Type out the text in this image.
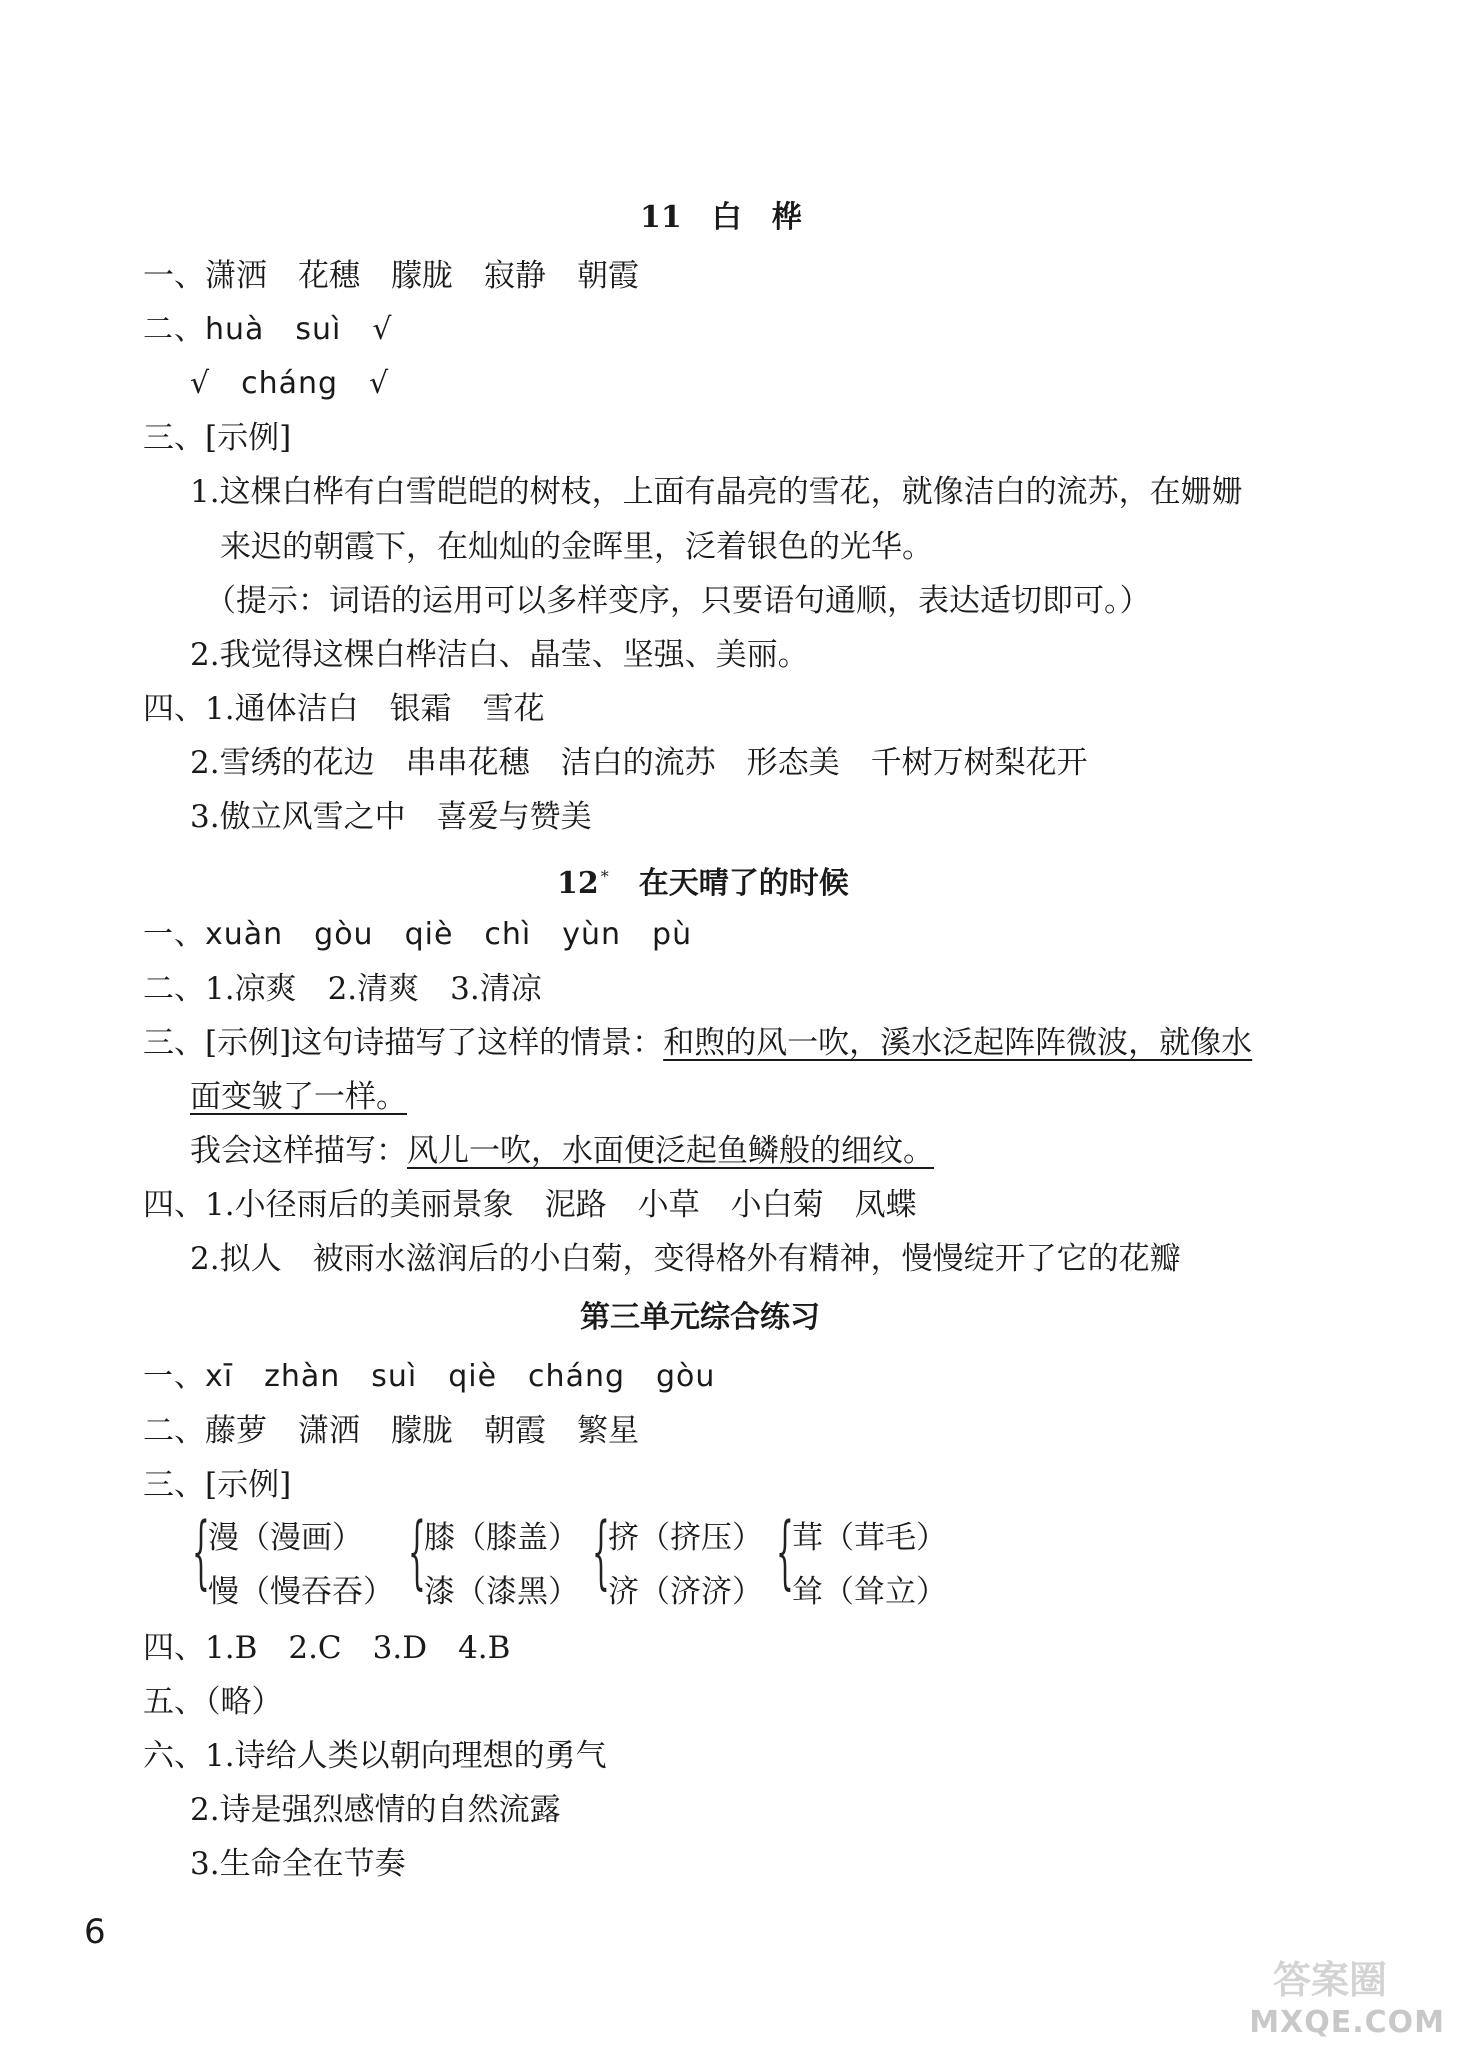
11　白　桦
一、潇洒　花穗　朦胧　寂静　朝霞
二、huà　suì　√
√　cháng　√
三、[示例]
1.这棵白桦有白雪皑皑的树枝，上面有晶亮的雪花，就像洁白的流苏，在姗姗
来迟的朝霞下，在灿灿的金晖里，泛着银色的光华。
（提示：词语的运用可以多样变序，只要语句通顺，表达适切即可。）
2.我觉得这棵白桦洁白、晶莹、坚强、美丽。
四、1.通体洁白　银霜　雪花
2.雪绣的花边　串串花穗　洁白的流苏　形态美　千树万树梨花开
3.傲立风雪之中　喜爱与赞美
12 *　 在天晴了的时候
一、xuàn　gòu　qiè　chì　yùn　pù
二、1.凉爽　2.清爽　3.清凉
三、[示例]这句诗描写了这样的情景：和煦的风一吹，溪水泛起阵阵微波，就像水
面变皱了一样。
我会这样描写：风儿一吹，水面便泛起鱼鳞般的细纹。
四、1.小径雨后的美丽景象　泥路　小草　小白菊　凤蝶
2.拟人　被雨水滋润后的小白菊，变得格外有精神，慢慢绽开了它的花瓣
第三单元综合练习
一、xī　zhàn　suì　qiè　cháng　gòu
二、藤萝　潇洒　朦胧　朝霞　繁星
三、[示例]
{
漫（漫画）
慢（慢吞吞） {
膝（膝盖）
漆（漆黑） {
挤（挤压）
济（济济） {
茸（茸毛）
耸（耸立）
四、1.B　2.C　3.D　4.B
五、（略）
六、1.诗给人类以朝向理想的勇气
2.诗是强烈感情的自然流露
3.生命全在节奏
6
答案圈
MXQE.COM
